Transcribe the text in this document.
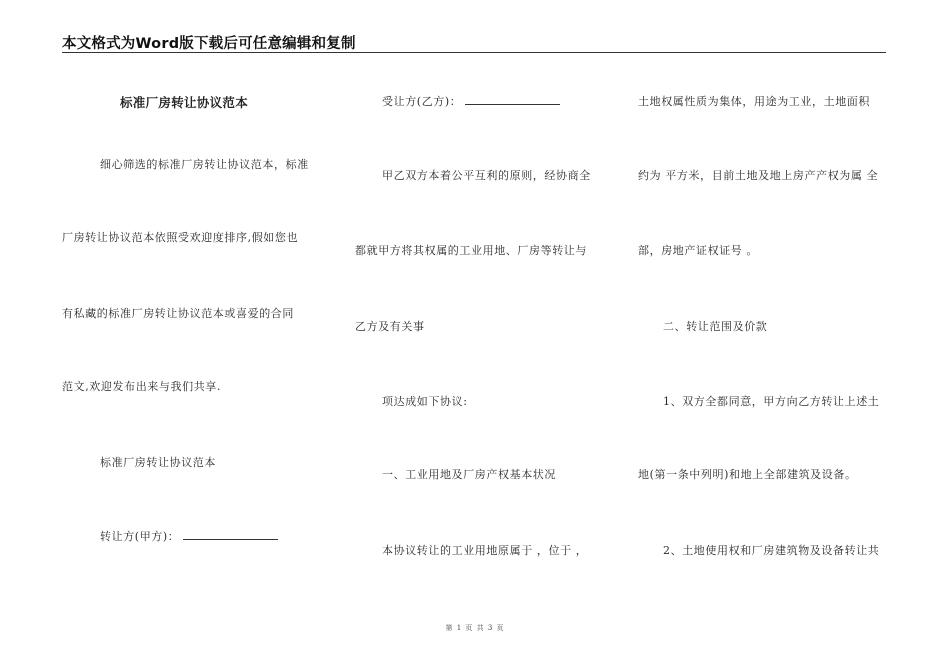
本文格式为Word版下载后可任意编辑和复制
标准厂房转让协议范本
细心筛选的标准厂房转让协议范本，标准
厂房转让协议范本依照受欢迎度排序,假如您也
有私藏的标准厂房转让协议范本或喜爱的合同
范文,欢迎发布出来与我们共享.
标准厂房转让协议范本
转让方(甲方)：
受让方(乙方)：
甲乙双方本着公平互利的原则，经协商全
都就甲方将其权属的工业用地、厂房等转让与
乙方及有关事
项达成如下协议:
一、工业用地及厂房产权基本状况
本协议转让的工业用地原属于 ，位于 ，
土地权属性质为集体，用途为工业，土地面积
约为 平方米，目前土地及地上房产产权为属 全
部，房地产证权证号 。
二、转让范围及价款
1、双方全都同意，甲方向乙方转让上述土
地(第一条中列明)和地上全部建筑及设备。
2、土地使用权和厂房建筑物及设备转让共
第 1 页 共 3 页
